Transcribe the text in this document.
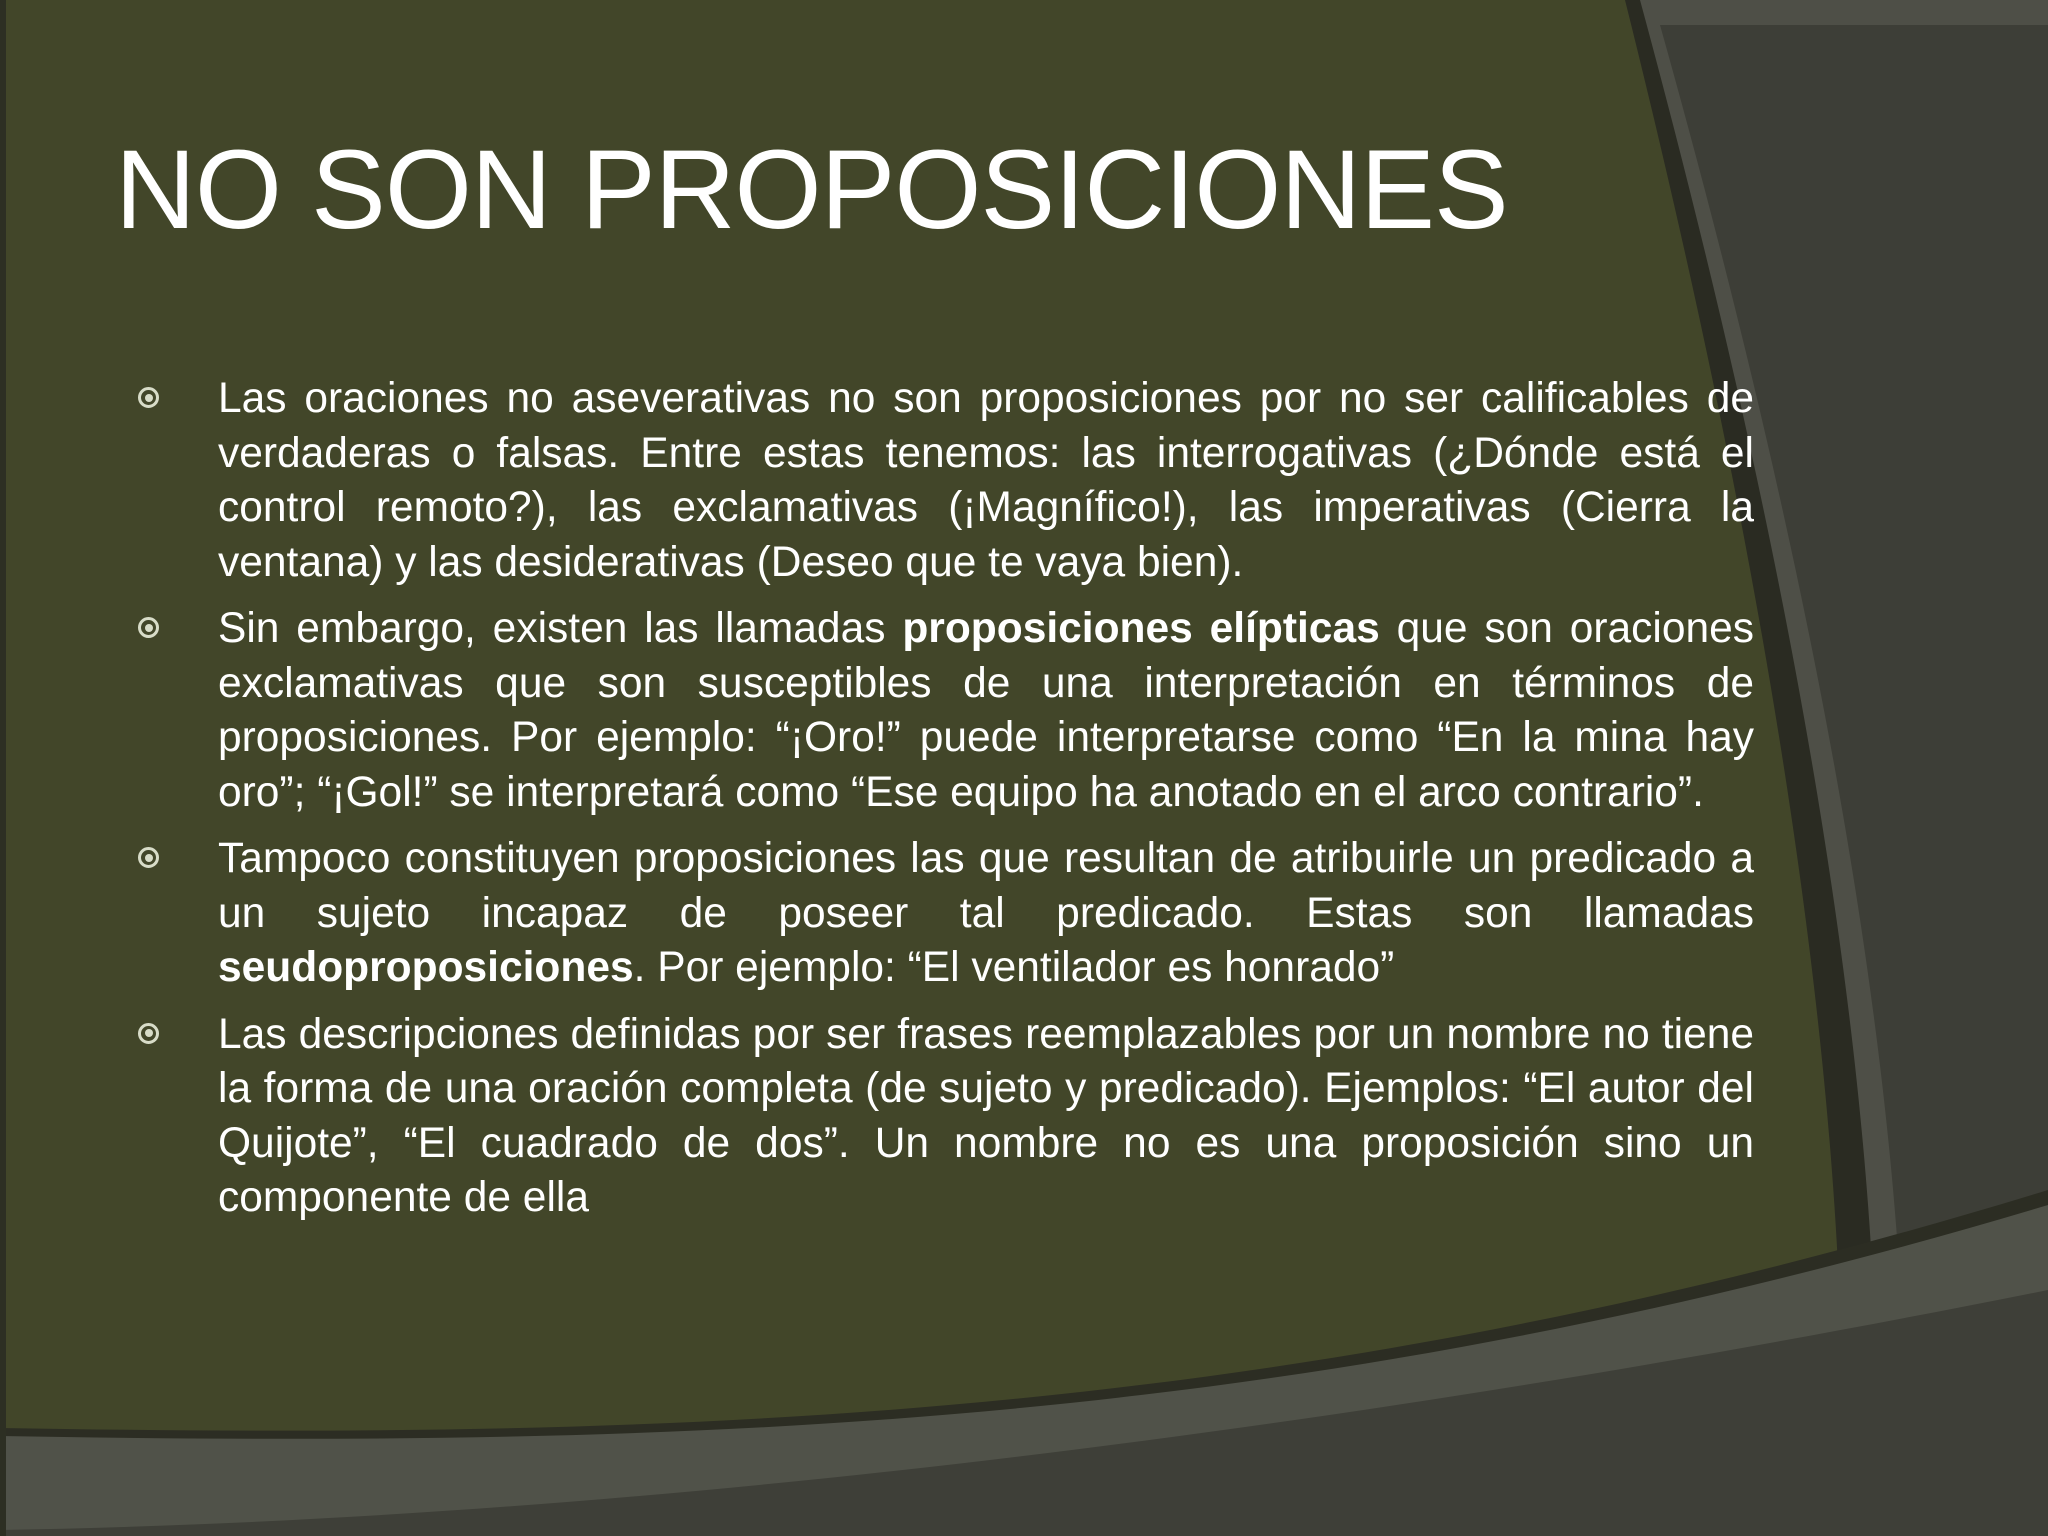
NO SON PROPOSICIONES
Las oraciones no aseverativas no son proposiciones por no ser calificables de verdaderas o falsas. Entre estas tenemos: las interrogativas (¿Dónde está el control remoto?), las exclamativas (¡Magnífico!), las imperativas (Cierra la ventana) y las desiderativas (Deseo que te vaya bien).
Sin embargo, existen las llamadas proposiciones elípticas que son oraciones exclamativas que son susceptibles de una interpretación en términos de proposiciones. Por ejemplo: “¡Oro!” puede interpretarse como “En la mina hay oro”; “¡Gol!” se interpretará como “Ese equipo ha anotado en el arco contrario”.
Tampoco constituyen proposiciones las que resultan de atribuirle un predicado a un sujeto incapaz de poseer tal predicado. Estas son llamadas seudoproposiciones. Por ejemplo: “El ventilador es honrado”
Las descripciones definidas por ser frases reemplazables por un nombre no tiene la forma de una oración completa (de sujeto y predicado). Ejemplos: “El autor del Quijote”, “El cuadrado de dos”. Un nombre no es una proposición sino un componente de ella
